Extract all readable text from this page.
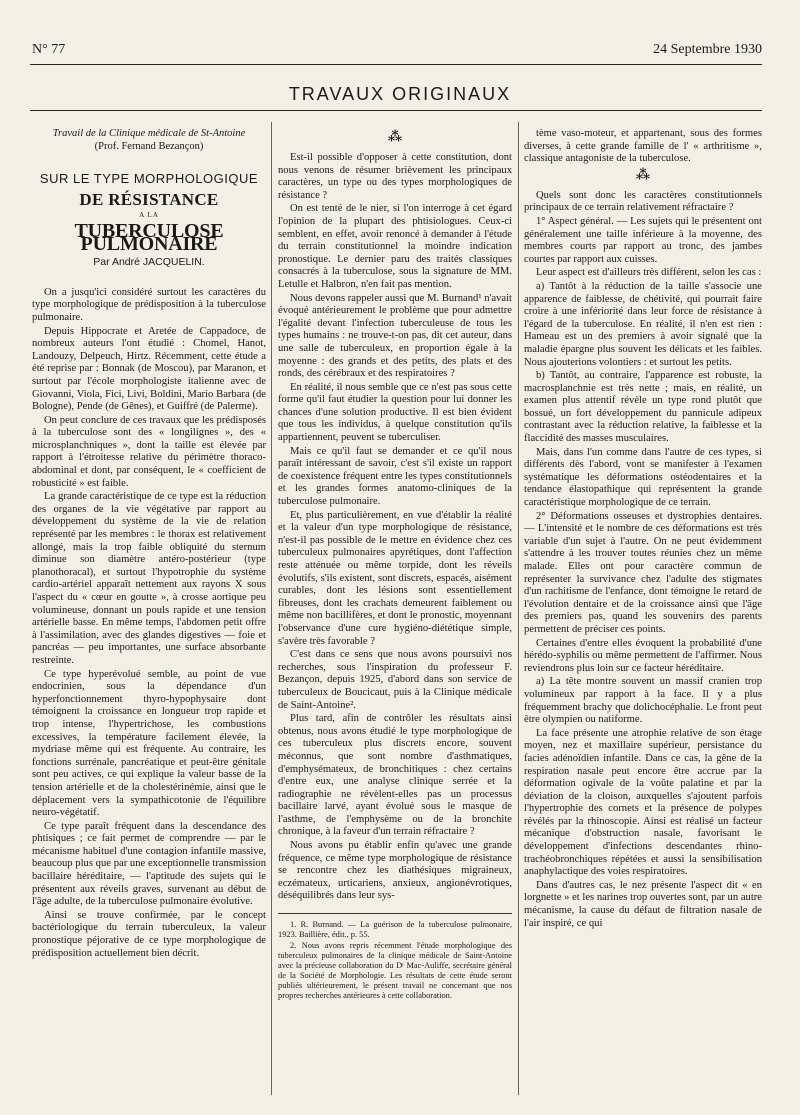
N° 77	24 Septembre 1930
TRAVAUX ORIGINAUX
Travail de la Clinique médicale de St-Antoine
(Prof. Fernand Bezançon)
SUR LE TYPE MORPHOLOGIQUE
DE RÉSISTANCE
A LA
TUBERCULOSE PULMONAIRE
Par André JACQUELIN.

On a jusqu'ici considéré surtout les caractères du type morphologique de prédisposition à la tuberculose pulmonaire.

Depuis Hippocrate et Aretée de Cappadoce, de nombreux auteurs l'ont étudié : Chomel, Hanot, Landouzy, Delpeuch, Hirtz. Récemment, cette étude a été reprise par : Bonnak (de Moscou), par Maranon, et surtout par l'école morphologiste italienne avec de Giovanni, Viola, Fici, Livi, Boldini, Mario Barbara (de Bologne), Pende (de Gênes), et Guiffré (de Palerme).

On peut conclure de ces travaux que les prédisposés à la tuberculose sont des « longilignes », des « microsplanchniques », dont la taille est élevée par rapport à l'étroitesse relative du périmètre thoraco-abdominal et dont, par conséquent, le « coefficient de robusticité » est faible.

La grande caractéristique de ce type est la réduction des organes de la vie végétative par rapport au développement du système de la vie de relation représenté par les membres : le thorax est relativement allongé, mais la trop faible obliquité du sternum diminue son diamètre antéro-postérieur (type planothoracal), et surtout l'hypotrophie du système cardio-artériel apparaît nettement aux rayons X sous l'aspect du « cœur en goutte », à crosse aortique peu volumineuse, donnant un pouls rapide et une tension artérielle basse. En même temps, l'abdomen petit offre à l'assimilation, avec des glandes digestives — foie et pancréas — peu importantes, une surface absorbante restreinte.

Ce type hyperévolué semble, au point de vue endocrinien, sous la dépendance d'un hyperfonctionnement thyro-hypophysaire dont témoignent la croissance en longueur trop rapide et trop intense, l'hypertrichose, les combustions excessives, la température facilement élevée, la mydriase même qui est fréquente. Au contraire, les fonctions surrénale, pancréatique et peut-être génitale sont peu actives, ce qui explique la valeur basse de la tension artérielle et de la cholestérinémie, ainsi que le déplacement vers la sympathicotonie de l'équilibre neuro-végétatif.

Ce type paraît fréquent dans la descendance des phtisiques ; ce fait permet de comprendre — par le mécanisme habituel d'une contagion infantile massive, beaucoup plus que par une exceptionnelle transmission bacillaire héréditaire, — l'aptitude des sujets qui le présentent aux réveils graves, survenant au début de l'âge adulte, de la tuberculose pulmonaire évolutive.

Ainsi se trouve confirmée, par le concept bactériologique du terrain tuberculeux, la valeur pronostique péjorative de ce type morphologique de prédisposition actuellement bien décrit.

⁂

Est-il possible d'opposer à cette constitution, dont nous venons de résumer brièvement les principaux caractères, un type ou des types morphologiques de résistance ?

On est tenté de le nier, si l'on interroge à cet égard l'opinion de la plupart des phtisiologues. Ceux-ci semblent, en effet, avoir renoncé à demander à l'étude du terrain constitutionnel la moindre indication pronostique. Le dernier paru des traités classiques consacrés à la tuberculose, sous la signature de MM. Letulle et Halbron, n'en fait pas mention.

Nous devons rappeler aussi que M. Burnand¹ n'avait évoqué antérieurement le problème que pour admettre l'égalité devant l'infection tuberculeuse de tous les types humains : ne trouve-t-on pas, dit cet auteur, dans une salle de tuberculeux, en proportion égale à la moyenne : des grands et des petits, des plats et des ronds, des cérébraux et des respiratoires ?

En réalité, il nous semble que ce n'est pas sous cette forme qu'il faut étudier la question pour lui donner les chances d'une solution productive. Il est bien évident que tous les individus, à quelque constitution qu'ils appartiennent, peuvent se tuberculiser.

Mais ce qu'il faut se demander et ce qu'il nous paraît intéressant de savoir, c'est s'il existe un rapport de coexistence fréquent entre les types constitutionnels et les grandes formes anatomo-cliniques de la tuberculose pulmonaire.

Et, plus particulièrement, en vue d'établir la réalité et la valeur d'un type morphologique de résistance, n'est-il pas possible de le mettre en évidence chez ces tuberculeux pulmonaires apyrétiques, dont l'affection reste atténuée ou même torpide, dont les réveils évolutifs, s'ils existent, sont discrets, espacés, aisément curables, dont les lésions sont essentiellement fibreuses, dont les crachats demeurent faiblement ou même non bacillifères, et dont le pronostic, moyennant l'observance d'une cure hygiéno-diététique simple, s'avère très favorable ?

C'est dans ce sens que nous avons poursuivi nos recherches, sous l'inspiration du professeur F. Bezançon, depuis 1925, d'abord dans son service de tuberculeux de Boucicaut, puis à la Clinique médicale de Saint-Antoine².

Plus tard, afin de contrôler les résultats ainsi obtenus, nous avons étudié le type morphologique de ces tuberculeux plus discrets encore, souvent méconnus, que sont nombre d'asthmatiques, d'emphysémateux, de bronchitiques : chez certains d'entre eux, une analyse clinique serrée et la radiographie ne révèlent-elles pas un processus bacillaire larvé, ayant évolué sous le masque de l'asthme, de l'emphysème ou de la bronchite chronique, à la faveur d'un terrain réfractaire ?

Nous avons pu établir enfin qu'avec une grande fréquence, ce même type morphologique de résistance se rencontre chez les diathésiques migraineux, eczémateux, urticariens, anxieux, angionévrotiques, déséquilibrés dans leur sys-

1. R. Burnand. — La guérison de la tuberculose pulmonaire, 1923. Baillière, édit., p. 55.

2. Nous avons repris récemment l'étude morphologique des tuberculeux pulmonaires de la clinique médicale de Saint-Antoine avec la précieuse collaboration du Dʳ Mac-Auliffe, secrétaire général de la Société de Morphologie. Les résultats de cette étude seront publiés ultérieurement, le présent travail ne concernant que nos propres recherches antérieures à cette collaboration.

tème vaso-moteur, et appartenant, sous des formes diverses, à cette grande famille de l' « arthritisme », classique antagoniste de la tuberculose.

⁂

Quels sont donc les caractères constitutionnels principaux de ce terrain relativement réfractaire ?

1° Aspect général. — Les sujets qui le présentent ont généralement une taille inférieure à la moyenne, des membres courts par rapport au tronc, des jambes courtes par rapport aux cuisses.

Leur aspect est d'ailleurs très différent, selon les cas :

a) Tantôt à la réduction de la taille s'associe une apparence de faiblesse, de chétivité, qui pourrait faire croire à une infériorité dans leur force de résistance à l'égard de la tuberculose. En réalité, il n'en est rien : Hameau est un des premiers à avoir signalé que la maladie épargne plus souvent les délicats et les faibles. Nous ajouterions volontiers : et surtout les petits.

b) Tantôt, au contraire, l'apparence est robuste, la macrosplanchnie est très nette ; mais, en réalité, un examen plus attentif révèle un type rond plutôt que bossué, un fort développement du pannicule adipeux contrastant avec la réduction relative, la faiblesse et la flaccidité des masses musculaires.

Mais, dans l'un comme dans l'autre de ces types, si différents dès l'abord, vont se manifester à l'examen systématique les déformations ostéodentaires et la tendance élastopathique qui représentent la grande caractéristique morphologique de ce terrain.

2° Déformations osseuses et dystrophies dentaires. — L'intensité et le nombre de ces déformations est très variable d'un sujet à l'autre. On ne peut évidemment s'attendre à les trouver toutes réunies chez un même malade. Elles ont pour caractère commun de représenter la survivance chez l'adulte des stigmates d'un rachitisme de l'enfance, dont témoigne le retard de l'évolution dentaire et de la croissance ainsi que l'âge des premiers pas, quand les souvenirs des parents permettent de préciser ces points.

Certaines d'entre elles évoquent la probabilité d'une hérédo-syphilis ou même permettent de l'affirmer. Nous reviendrons plus loin sur ce facteur héréditaire.

a) La tête montre souvent un massif cranien trop volumineux par rapport à la face. Il y a plus fréquemment brachy que dolichocéphalie. Le front peut être olympien ou natiforme.

La face présente une atrophie relative de son étage moyen, nez et maxillaire supérieur, persistance du facies adénoïdien infantile. Dans ce cas, la gêne de la respiration nasale peut encore être accrue par la déformation ogivale de la voûte palatine et par la déviation de la cloison, auxquelles s'ajoutent parfois l'hypertrophie des cornets et la présence de polypes révélés par la rhinoscopie. Ainsi est réalisé un facteur mécanique d'obstruction nasale, favorisant le développement d'infections descendantes rhino-trachéobronchiques répétées et aussi la sensibilisation anaphylactique des voies respiratoires.

Dans d'autres cas, le nez présente l'aspect dit « en lorgnette » et les narines trop ouvertes sont, par un autre mécanisme, la cause du défaut de filtration nasale de l'air inspiré, ce qui
